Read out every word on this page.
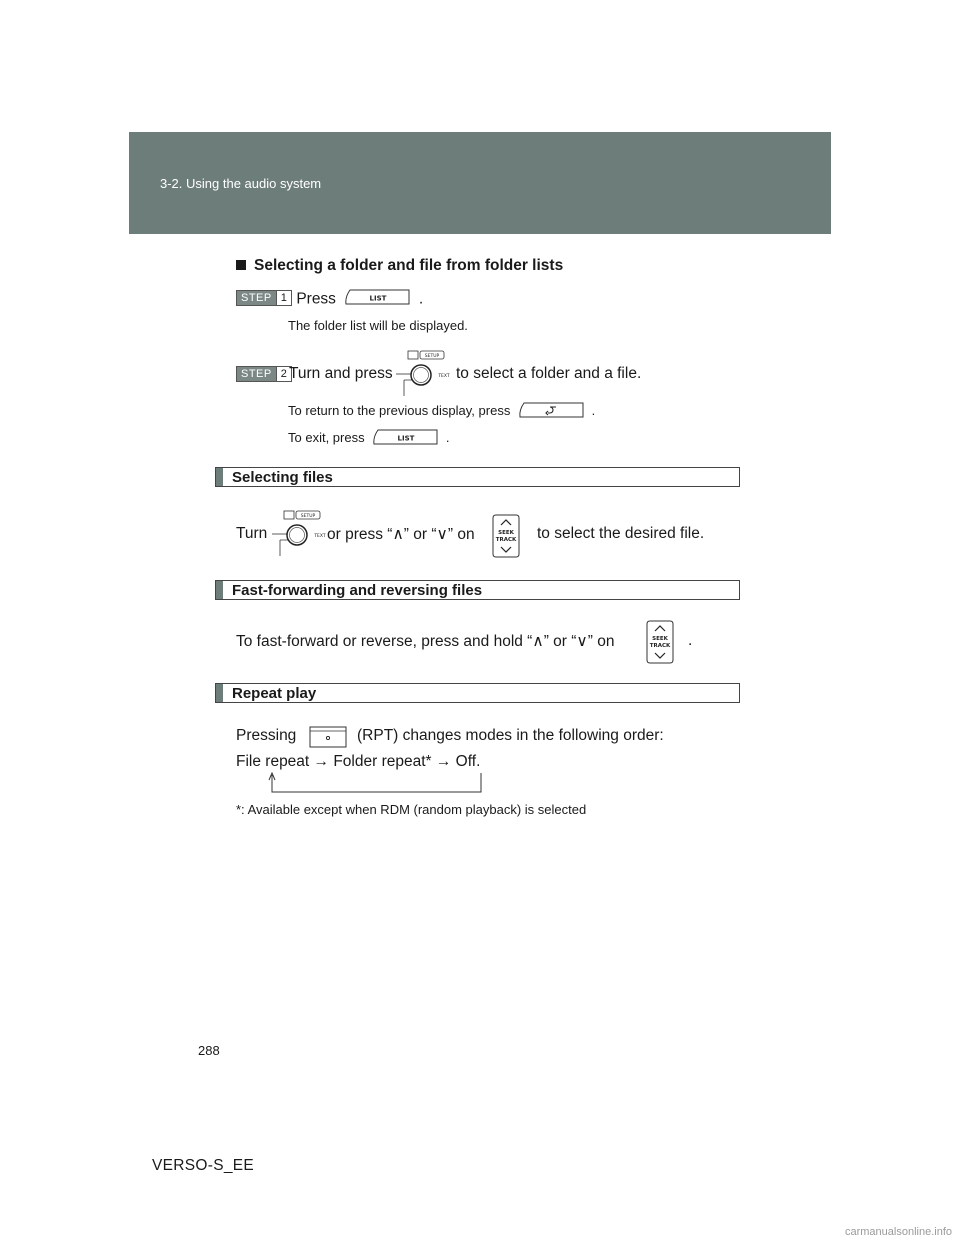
3-2. Using the audio system
Selecting a folder and file from folder lists
STEP 1 Press	LIST .
The folder list will be displayed.
STEP 2 Turn and press
SETUP
TEXT to select a folder and a file.
To return to the previous display, press	.
To exit, press	LIST .
Selecting files
Turn
SETUP
TEXT or press “∧” or “∨” on	SEEK
TRACK to select the desired file.
Fast-forwarding and reversing files
To fast-forward or reverse, press and hold “∧” or “∨” on	SEEK
TRACK .
Repeat play
Pressing	(RPT) changes modes in the following order:
File repeat → Folder repeat* → Off.
*: Available except when RDM (random playback) is selected
288
VERSO-S_EE
carmanualsonline.info
